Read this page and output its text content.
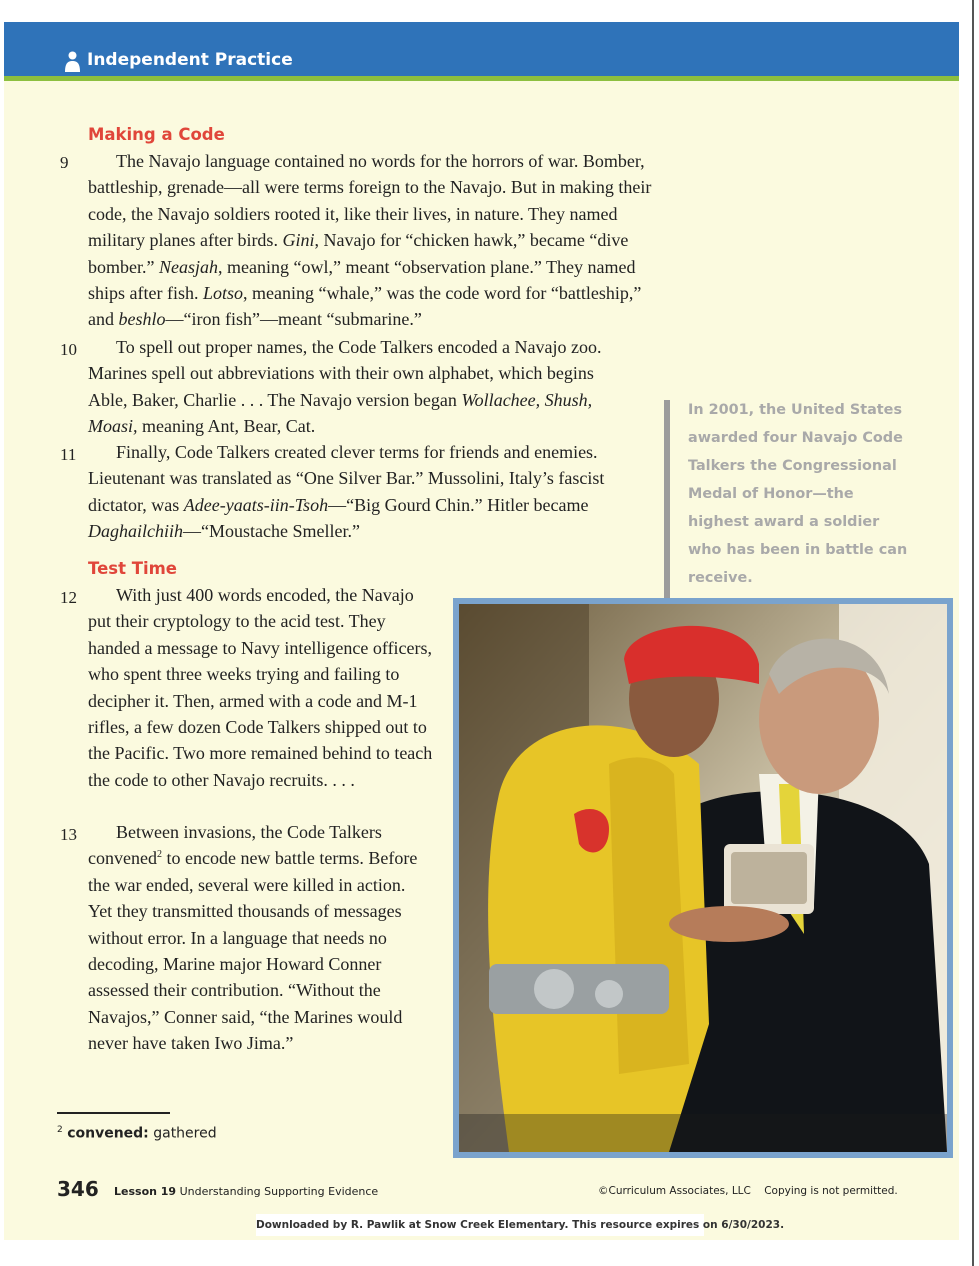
Independent Practice
Making a Code
9	The Navajo language contained no words for the horrors of war. Bomber, battleship, grenade—all were terms foreign to the Navajo. But in making their code, the Navajo soldiers rooted it, like their lives, in nature. They named military planes after birds. Gini, Navajo for “chicken hawk,” became “dive bomber.” Neasjah, meaning “owl,” meant “observation plane.” They named ships after fish. Lotso, meaning “whale,” was the code word for “battleship,” and beshlo—“iron fish”—meant “submarine.”

10	To spell out proper names, the Code Talkers encoded a Navajo zoo. Marines spell out abbreviations with their own alphabet, which begins Able, Baker, Charlie . . . The Navajo version began Wollachee, Shush, Moasi, meaning Ant, Bear, Cat.

11	Finally, Code Talkers created clever terms for friends and enemies. Lieutenant was translated as “One Silver Bar.” Mussolini, Italy’s fascist dictator, was Adee-yaats-iin-Tsoh—“Big Gourd Chin.” Hitler became Daghailchiih—“Moustache Smeller.”

Test Time
12	With just 400 words encoded, the Navajo put their cryptology to the acid test. They handed a message to Navy intelligence officers, who spent three weeks trying and failing to decipher it. Then, armed with a code and M-1 rifles, a few dozen Code Talkers shipped out to the Pacific. Two more remained behind to teach the code to other Navajo recruits. . . .

13	Between invasions, the Code Talkers convened$^2$ to encode new battle terms. Before the war ended, several were killed in action. Yet they transmitted thousands of messages without error. In a language that needs no decoding, Marine major Howard Conner assessed their contribution. “Without the Navajos,” Conner said, “the Marines would never have taken Iwo Jima.”

In 2001, the United States awarded four Navajo Code Talkers the Congressional Medal of Honor—the highest award a soldier who has been in battle can receive.
$^2$ convened: gathered
346 Lesson 19 Understanding Supporting Evidence	©Curriculum Associates, LLC    Copying is not permitted.
Downloaded by R. Pawlik at Snow Creek Elementary. This resource expires on 6/30/2023.
